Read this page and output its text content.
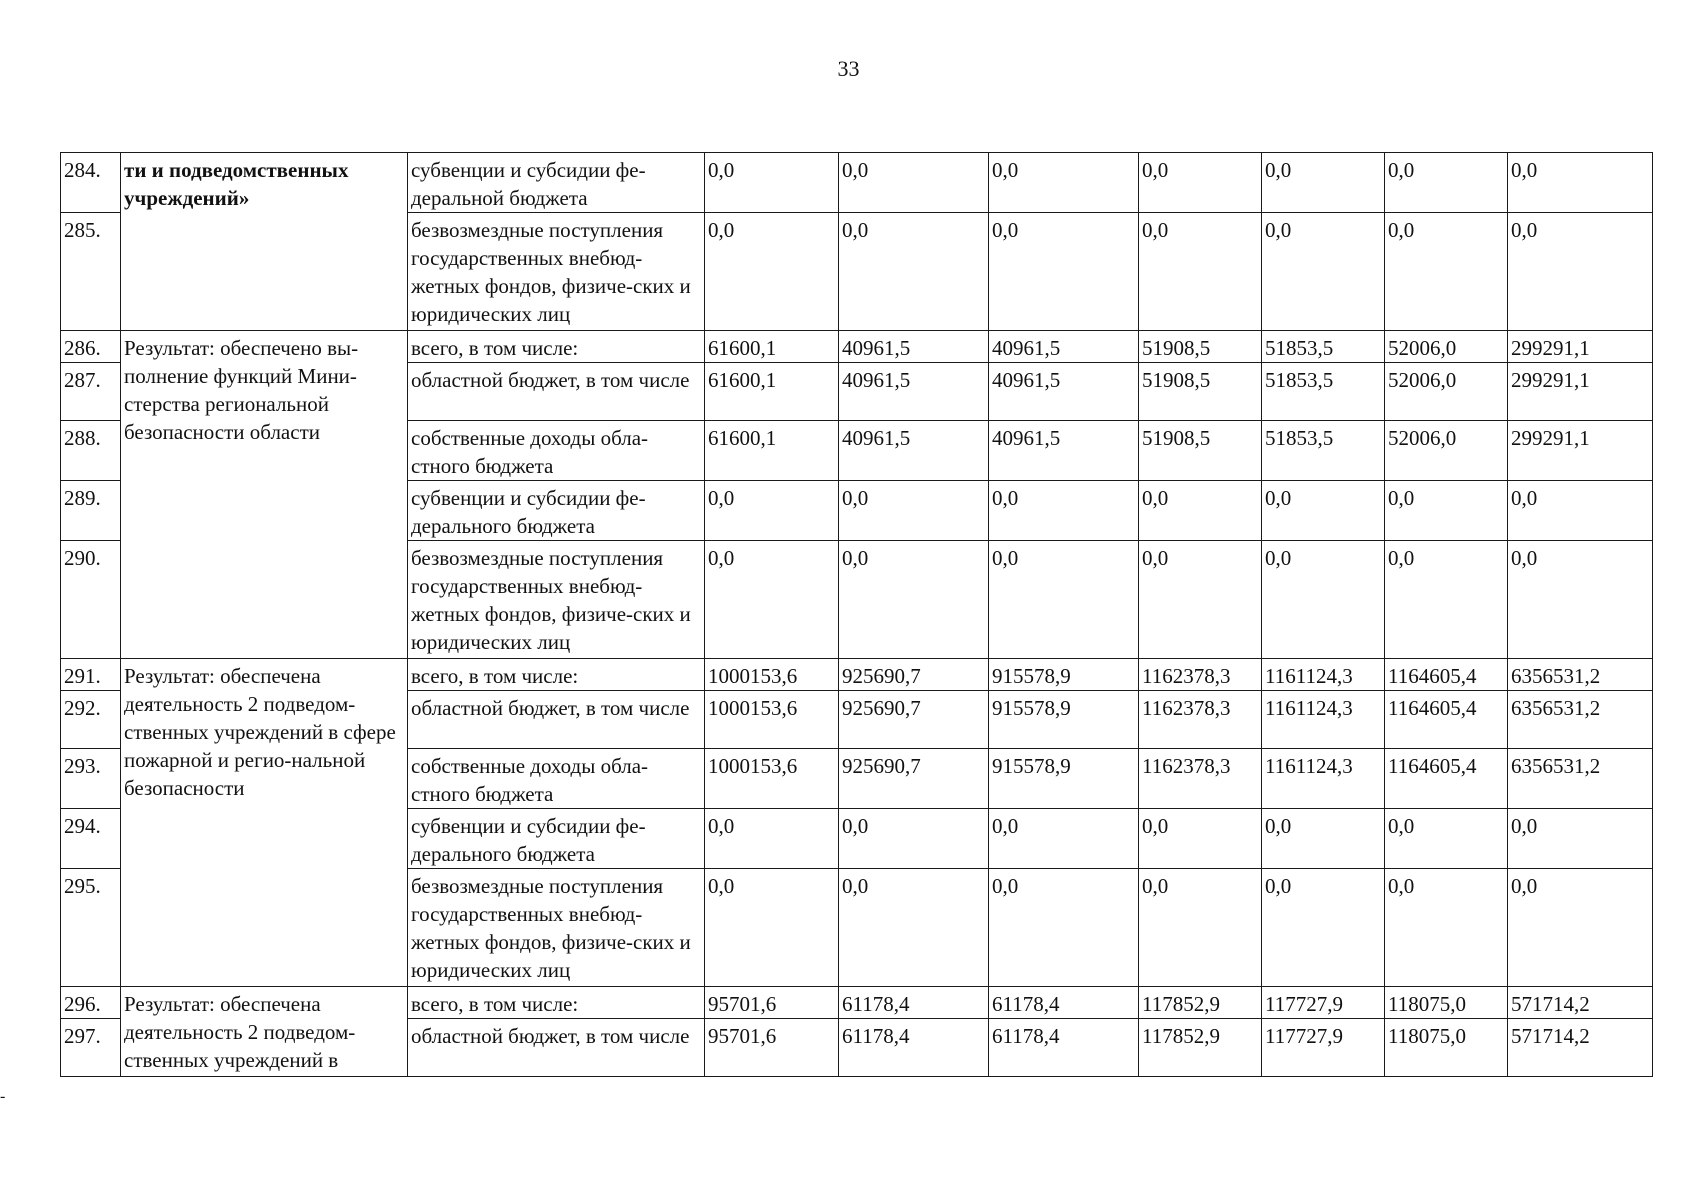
33
-
284.	ти и подведомственных учреждений»	субвенции и субсидии фе-деральной бюджета	0,0	0,0	0,0	0,0	0,0	0,0	0,0
285.		безвозмездные поступления государственных внебюд-жетных фондов, физиче-ских и юридических лиц	0,0	0,0	0,0	0,0	0,0	0,0	0,0
286.	Результат: обеспечено вы-полнение функций Мини-стерства региональной безопасности области	всего, в том числе:	61600,1	40961,5	40961,5	51908,5	51853,5	52006,0	299291,1
287.		областной бюджет, в том числе	61600,1	40961,5	40961,5	51908,5	51853,5	52006,0	299291,1
288.		собственные доходы обла-стного бюджета	61600,1	40961,5	40961,5	51908,5	51853,5	52006,0	299291,1
289.		субвенции и субсидии фе-дерального бюджета	0,0	0,0	0,0	0,0	0,0	0,0	0,0
290.		безвозмездные поступления государственных внебюд-жетных фондов, физиче-ских и юридических лиц	0,0	0,0	0,0	0,0	0,0	0,0	0,0
291.	Результат: обеспечена деятельность 2 подведом-ственных учреждений в сфере пожарной и регио-нальной безопасности	всего, в том числе:	1000153,6	925690,7	915578,9	1162378,3	1161124,3	1164605,4	6356531,2
292.		областной бюджет, в том числе	1000153,6	925690,7	915578,9	1162378,3	1161124,3	1164605,4	6356531,2
293.		собственные доходы обла-стного бюджета	1000153,6	925690,7	915578,9	1162378,3	1161124,3	1164605,4	6356531,2
294.		субвенции и субсидии фе-дерального бюджета	0,0	0,0	0,0	0,0	0,0	0,0	0,0
295.		безвозмездные поступления государственных внебюд-жетных фондов, физиче-ских и юридических лиц	0,0	0,0	0,0	0,0	0,0	0,0	0,0
296.	Результат: обеспечена деятельность 2 подведом-ственных учреждений в	всего, в том числе:	95701,6	61178,4	61178,4	117852,9	117727,9	118075,0	571714,2
297.		областной бюджет, в том числе	95701,6	61178,4	61178,4	117852,9	117727,9	118075,0	571714,2
